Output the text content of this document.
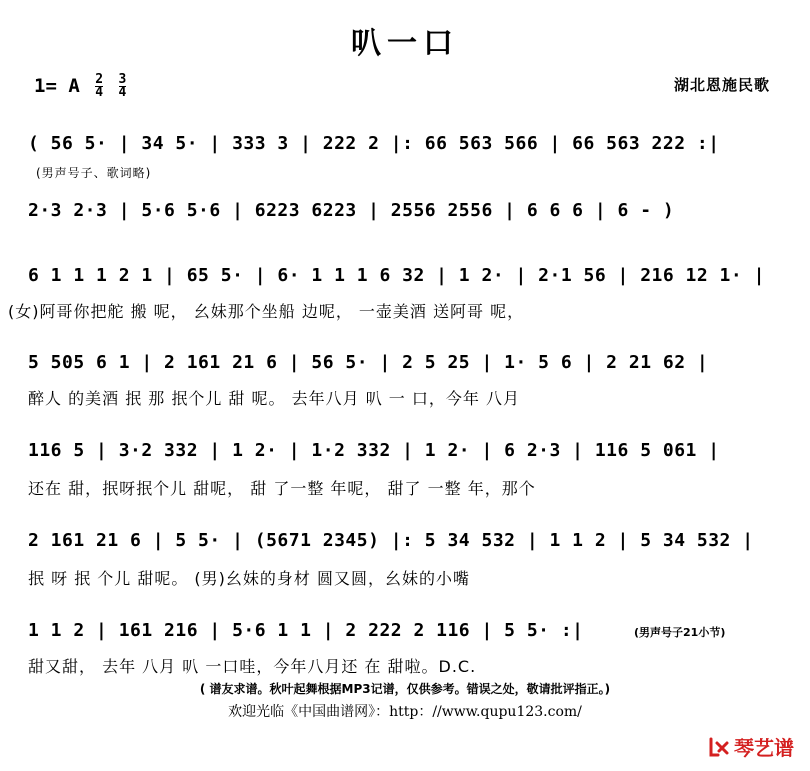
叭一口
1= A $\frac{2}{4}$
$\frac{3}{4}$	湖北恩施民歌
( 56 5· | 34 5· | 333 3 | 222 2 |: 66 563 566 | 66 563 222 :|
(男声号子、歌词略)
2·3 2·3 | 5·6 5·6 | 6223 6223 | 2556 2556 | 6 6 6 | 6 - )
6 1 1 1 2 1 | 65 5· | 6· 1 1 1 6 32 | 1 2· | 2·1 56 | 216 12 1· |
(女)阿哥你把舵 搬 呢， 幺妹那个坐船 边呢， 一壶美酒 送阿哥 呢，
5 505 6 1 | 2 161 21 6 | 56 5· | 2 5 25 | 1· 5 6 | 2 21 62 |
醉人 的美酒 抿 那 抿个儿 甜 呢。 去年八月 叭 一 口，今年 八月
116 5 | 3·2 332 | 1 2· | 1·2 332 | 1 2· | 6 2·3 | 116 5 061 |
还在 甜，抿呀抿个儿 甜呢， 甜 了一整 年呢， 甜了 一整 年，那个
2 161 21 6 | 5 5· | (5671 2345) |: 5 34 532 | 1 1 2 | 5 34 532 |
抿 呀 抿 个儿 甜呢。 (男)幺妹的身材 圆又圆，幺妹的小嘴
1 1 2 | 161 216 | 5·6 1 1 | 2 222 2 116 | 5 5· :|	(男声号子21小节)
甜又甜， 去年 八月 叭 一口哇，今年八月还 在 甜啦。D.C.
( 谱友求谱。秋叶起舞根据MP3记谱，仅供参考。错误之处，敬请批评指正。)
欢迎光临《中国曲谱网》：http：//www.qupu123.com/
琴艺谱
